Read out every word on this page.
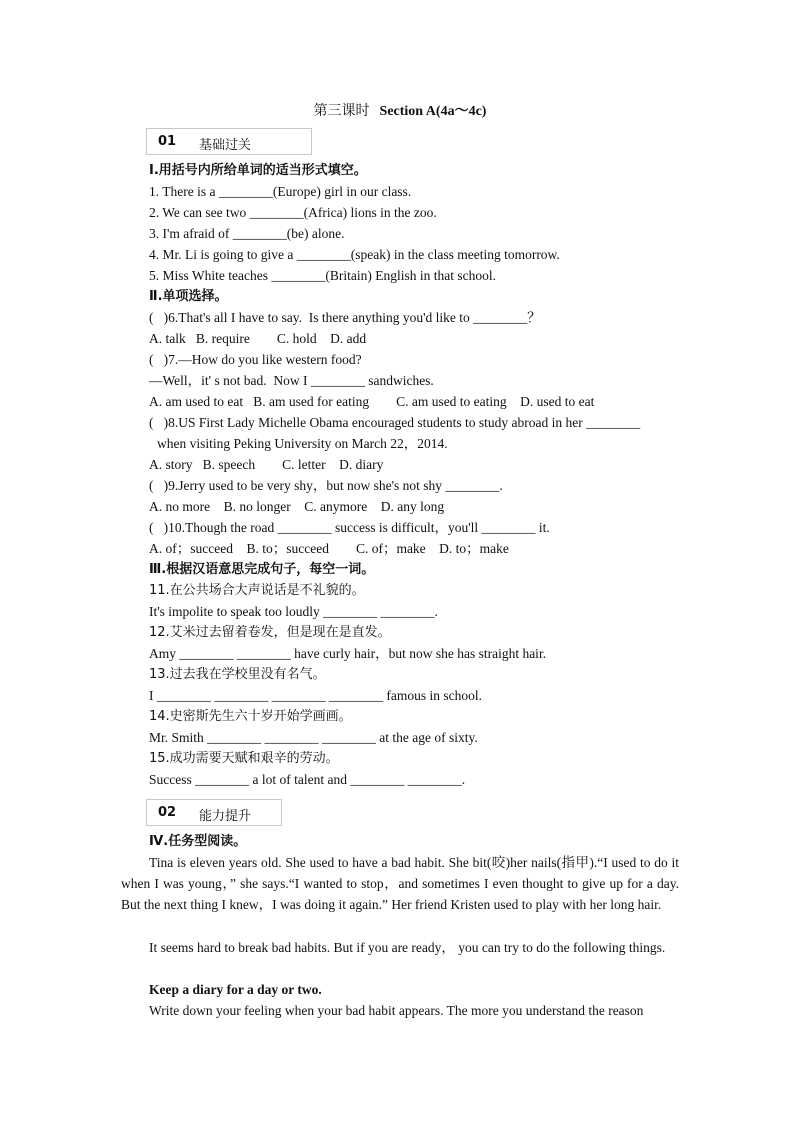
第三课时 Section A(4a～4c)
01 基础过关
Ⅰ.用括号内所给单词的适当形式填空。
1. There is a ________(Europe) girl in our class.
2. We can see two ________(Africa) lions in the zoo.
3. I'm afraid of ________(be) alone.
4. Mr. Li is going to give a ________(speak) in the class meeting tomorrow.
5. Miss White teaches ________(Britain) English in that school.
Ⅱ.单项选择。
(   )6.That's all I have to say.  Is there anything you'd like to ________？
A. talk   B. require        C. hold    D. add
(   )7.—How do you like western food?
—Well，it' s not bad.  Now I ________ sandwiches.
A. am used to eat   B. am used for eating        C. am used to eating    D. used to eat
(   )8.US First Lady Michelle Obama encouraged students to study abroad in her ________
when visiting Peking University on March 22，2014.
A. story   B. speech        C. letter    D. diary
(   )9.Jerry used to be very shy，but now she's not shy ________.
A. no more    B. no longer    C. anymore    D. any long
(   )10.Though the road ________ success is difficult，you'll ________ it.
A. of；succeed    B. to；succeed        C. of；make    D. to；make
Ⅲ.根据汉语意思完成句子，每空一词。
11.在公共场合大声说话是不礼貌的。
It's impolite to speak too loudly ________ ________.
12.艾米过去留着卷发，但是现在是直发。
Amy ________ ________ have curly hair，but now she has straight hair.
13.过去我在学校里没有名气。
I ________ ________ ________ ________ famous in school.
14.史密斯先生六十岁开始学画画。
Mr. Smith ________ ________ ________ at the age of sixty.
15.成功需要天赋和艰辛的劳动。
Success ________ a lot of talent and ________ ________.
02 能力提升
Ⅳ.任务型阅读。
Tina is eleven years old. She used to have a bad habit. She bit(咬)her nails(指甲).“I used to do it when I was young，” she says.“I wanted to stop，and sometimes I even thought to give up for a day. But the next thing I knew，I was doing it again.” Her friend Kristen used to play with her long hair.
It seems hard to break bad habits. But if you are ready， you can try to do the following things.
Keep a diary for a day or two.
Write down your feeling when your bad habit appears. The more you understand the reason
